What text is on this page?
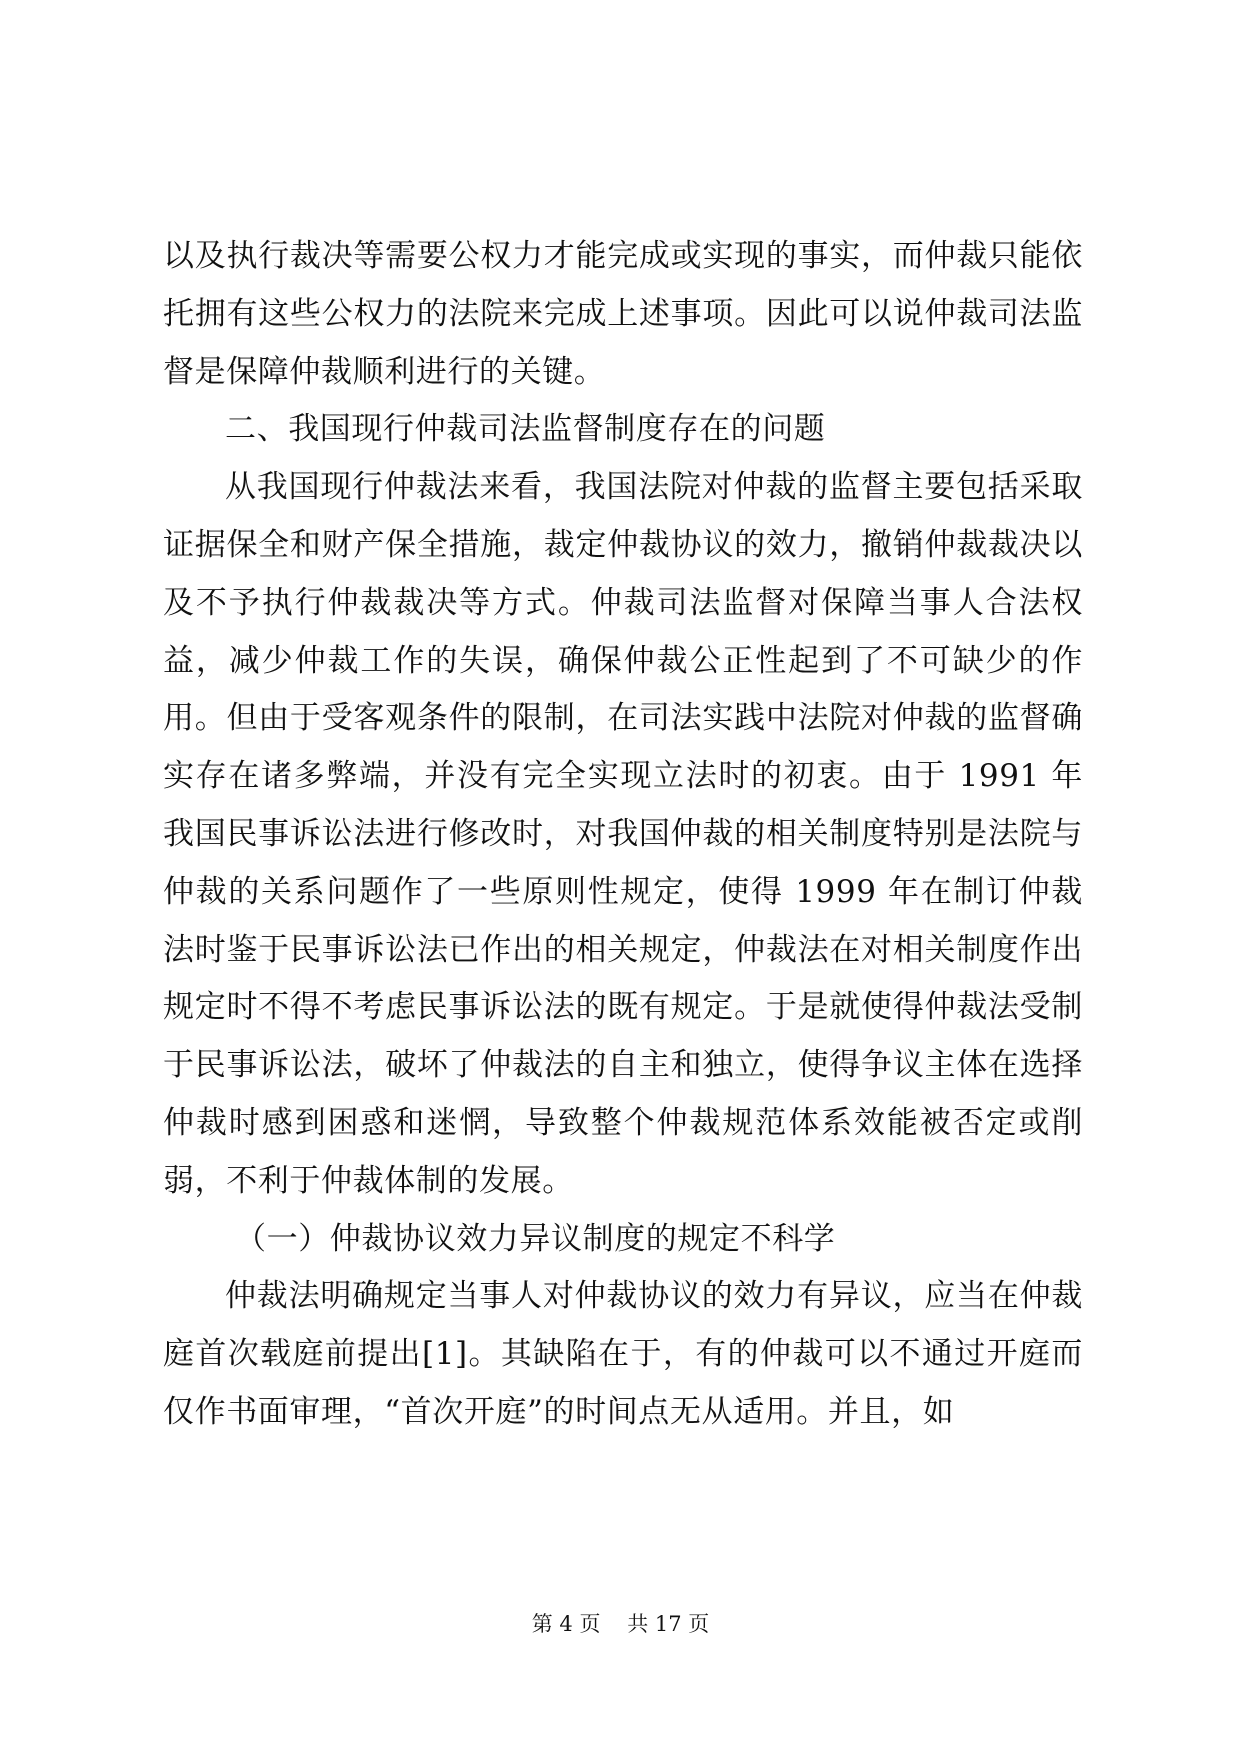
以及执行裁决等需要公权力才能完成或实现的事实，而仲裁只能依托拥有这些公权力的法院来完成上述事项。因此可以说仲裁司法监督是保障仲裁顺利进行的关键。

二、我国现行仲裁司法监督制度存在的问题

从我国现行仲裁法来看，我国法院对仲裁的监督主要包括采取证据保全和财产保全措施，裁定仲裁协议的效力，撤销仲裁裁决以及不予执行仲裁裁决等方式。仲裁司法监督对保障当事人合法权益，减少仲裁工作的失误，确保仲裁公正性起到了不可缺少的作用。但由于受客观条件的限制，在司法实践中法院对仲裁的监督确实存在诸多弊端，并没有完全实现立法时的初衷。由于 1991 年我国民事诉讼法进行修改时，对我国仲裁的相关制度特别是法院与仲裁的关系问题作了一些原则性规定，使得 1999 年在制订仲裁法时鉴于民事诉讼法已作出的相关规定，仲裁法在对相关制度作出规定时不得不考虑民事诉讼法的既有规定。于是就使得仲裁法受制于民事诉讼法，破坏了仲裁法的自主和独立，使得争议主体在选择仲裁时感到困惑和迷惘，导致整个仲裁规范体系效能被否定或削弱，不利于仲裁体制的发展。

（一）仲裁协议效力异议制度的规定不科学

仲裁法明确规定当事人对仲裁协议的效力有异议，应当在仲裁庭首次载庭前提出[1]。其缺陷在于，有的仲裁可以不通过开庭而仅作书面审理，“首次开庭”的时间点无从适用。并且，如

第 4 页 共 17 页
